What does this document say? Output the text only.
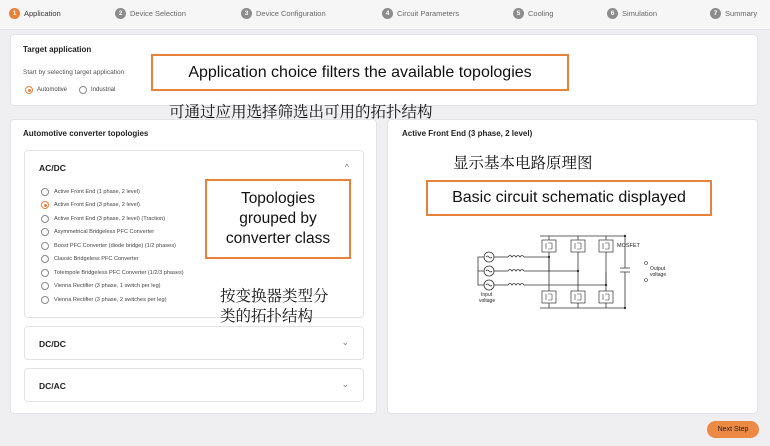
1	Application	2	Device Selection	3	Device Configuration	4	Circuit Parameters	5	Cooling	6	Simulation	7	Summary
Target application
Start by selecting target application
Automotive	Industrial
Automotive converter topologies
AC/DC	^
Active Front End (1 phase, 2 level)
Active Front End (3 phase, 2 level)
Active Front End (3 phase, 2 level) (Traction)
Asymmetrical Bridgeless PFC Converter
Boost PFC Converter (diode bridge) (1/2 phases)
Classic Bridgeless PFC Converter
Totempole Bridgeless PFC Converter (1/2/3 phases)
Vienna Rectifier (3 phase, 1 switch per leg)
Vienna Rectifier (3 phase, 2 switches per leg)
DC/DC	⌄
DC/AC	⌄
Active Front End (3 phase, 2 level)
MOSFET
Output
voltage
Input
voltage
Application choice filters the available topologies
可通过应用选择筛选出可用的拓扑结构
Topologies
grouped by
converter class
按变换器类型分
类的拓扑结构
显示基本电路原理图
Basic circuit schematic displayed
Next Step
